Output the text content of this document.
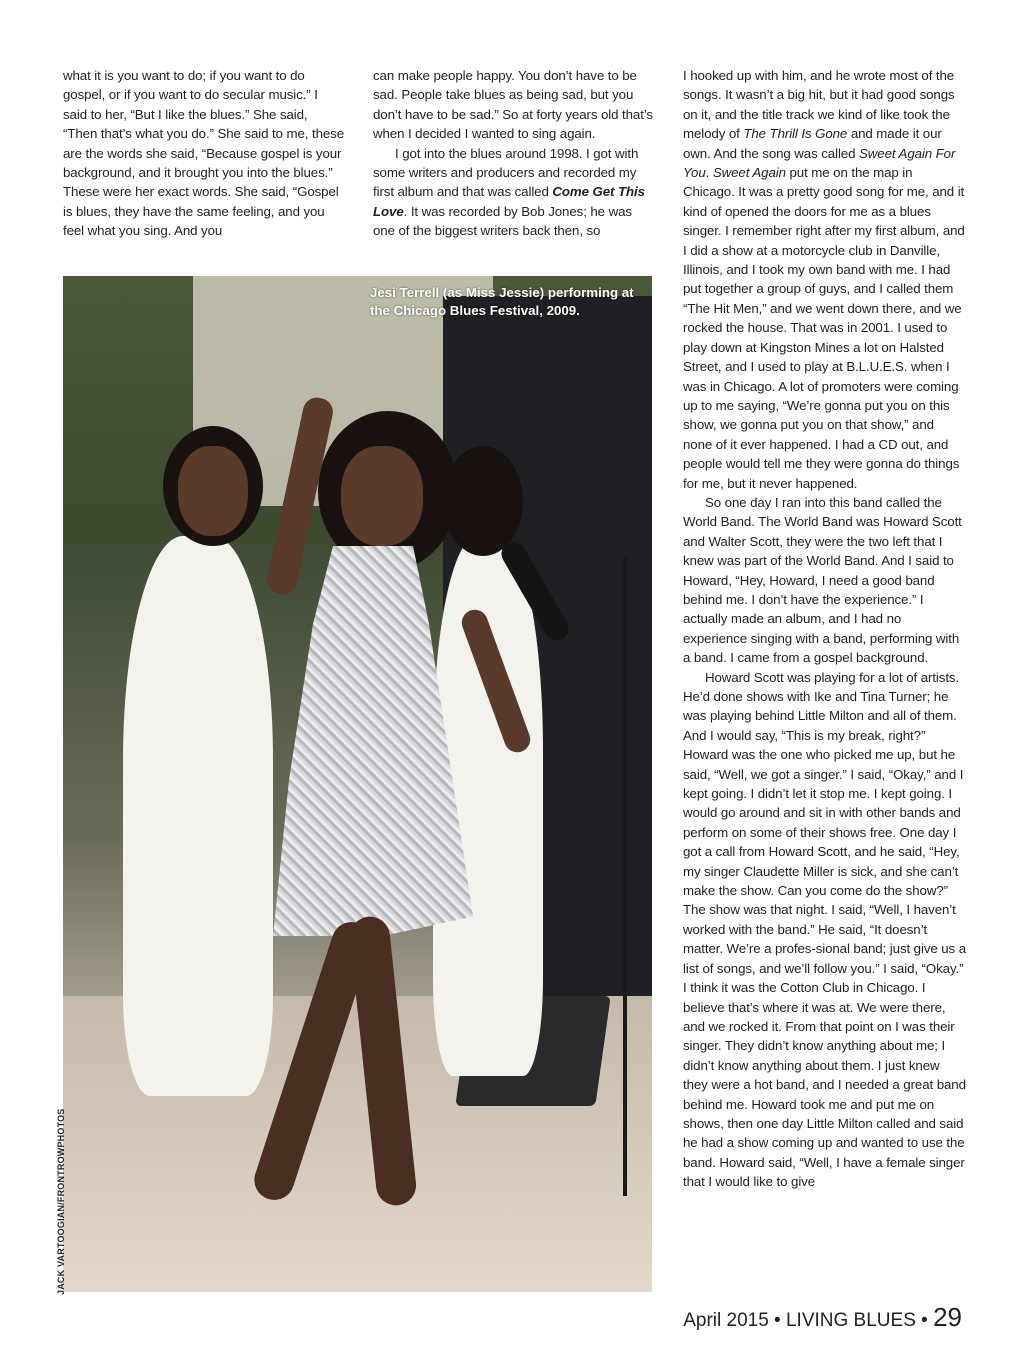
what it is you want to do; if you want to do gospel, or if you want to do secular music.” I said to her, “But I like the blues.” She said, “Then that’s what you do.” She said to me, these are the words she said, “Because gospel is your background, and it brought you into the blues.” These were her exact words. She said, “Gospel is blues, they have the same feeling, and you feel what you sing. And you

can make people happy. You don’t have to be sad. People take blues as being sad, but you don’t have to be sad.” So at forty years old that’s when I decided I wanted to sing again.

I got into the blues around 1998. I got with some writers and producers and recorded my first album and that was called Come Get This Love. It was recorded by Bob Jones; he was one of the biggest writers back then, so

I hooked up with him, and he wrote most of the songs. It wasn’t a big hit, but it had good songs on it, and the title track we kind of like took the melody of The Thrill Is Gone and made it our own. And the song was called Sweet Again For You. Sweet Again put me on the map in Chicago. It was a pretty good song for me, and it kind of opened the doors for me as a blues singer. I remember right after my first album, and I did a show at a motorcycle club in Danville, Illinois, and I took my own band with me. I had put together a group of guys, and I called them “The Hit Men,” and we went down there, and we rocked the house. That was in 2001. I used to play down at Kingston Mines a lot on Halsted Street, and I used to play at B.L.U.E.S. when I was in Chicago. A lot of promoters were coming up to me saying, “We’re gonna put you on this show, we gonna put you on that show,” and none of it ever happened. I had a CD out, and people would tell me they were gonna do things for me, but it never happened.

So one day I ran into this band called the World Band. The World Band was Howard Scott and Walter Scott, they were the two left that I knew was part of the World Band. And I said to Howard, “Hey, Howard, I need a good band behind me. I don’t have the experience.” I actually made an album, and I had no experience singing with a band, performing with a band. I came from a gospel background.

Howard Scott was playing for a lot of artists. He’d done shows with Ike and Tina Turner; he was playing behind Little Milton and all of them. And I would say, “This is my break, right?” Howard was the one who picked me up, but he said, “Well, we got a singer.” I said, “Okay,” and I kept going. I didn’t let it stop me. I kept going. I would go around and sit in with other bands and perform on some of their shows free. One day I got a call from Howard Scott, and he said, “Hey, my singer Claudette Miller is sick, and she can’t make the show. Can you come do the show?” The show was that night. I said, “Well, I haven’t worked with the band.” He said, “It doesn’t matter. We’re a profes-sional band; just give us a list of songs, and we’ll follow you.” I said, “Okay.” I think it was the Cotton Club in Chicago. I believe that’s where it was at. We were there, and we rocked it. From that point on I was their singer. They didn’t know anything about me; I didn’t know anything about them. I just knew they were a hot band, and I needed a great band behind me. Howard took me and put me on shows, then one day Little Milton called and said he had a show coming up and wanted to use the band. Howard said, “Well, I have a female singer that I would like to give

Jesi Terrell (as Miss Jessie) performing at the Chicago Blues Festival, 2009.
JACK VARTOOGIAN/FRONTROWPHOTOS
April 2015 • LIVING BLUES • 29
